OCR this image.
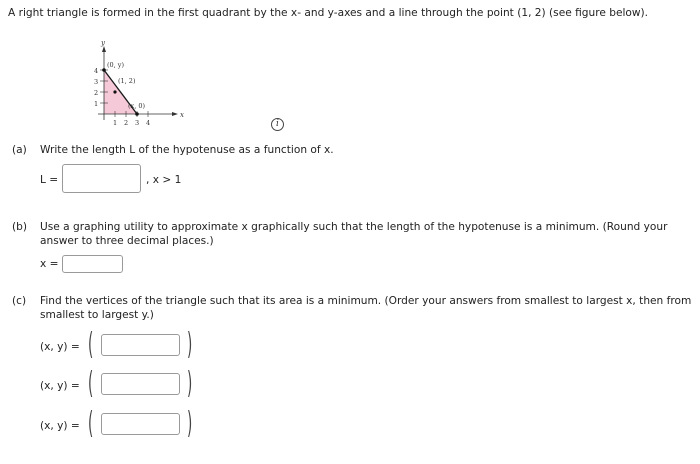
A right triangle is formed in the first quadrant by the x- and y-axes and a line through the point (1, 2) (see figure below).
y
x
1
2
3
4
1 2 3 4
(0, y)
(1, 2)
(x, 0)
i
(a) Write the length L of the hypotenuse as a function of x.
L =	, x > 1
(b) Use a graphing utility to approximate x graphically such that the length of the hypotenuse is a minimum. (Round your
answer to three decimal places.)
x =
(c) Find the vertices of the triangle such that its area is a minimum. (Order your answers from smallest to largest x, then from
smallest to largest y.)
(x, y) = (	)
(x, y) = (	)
(x, y) = (	)
